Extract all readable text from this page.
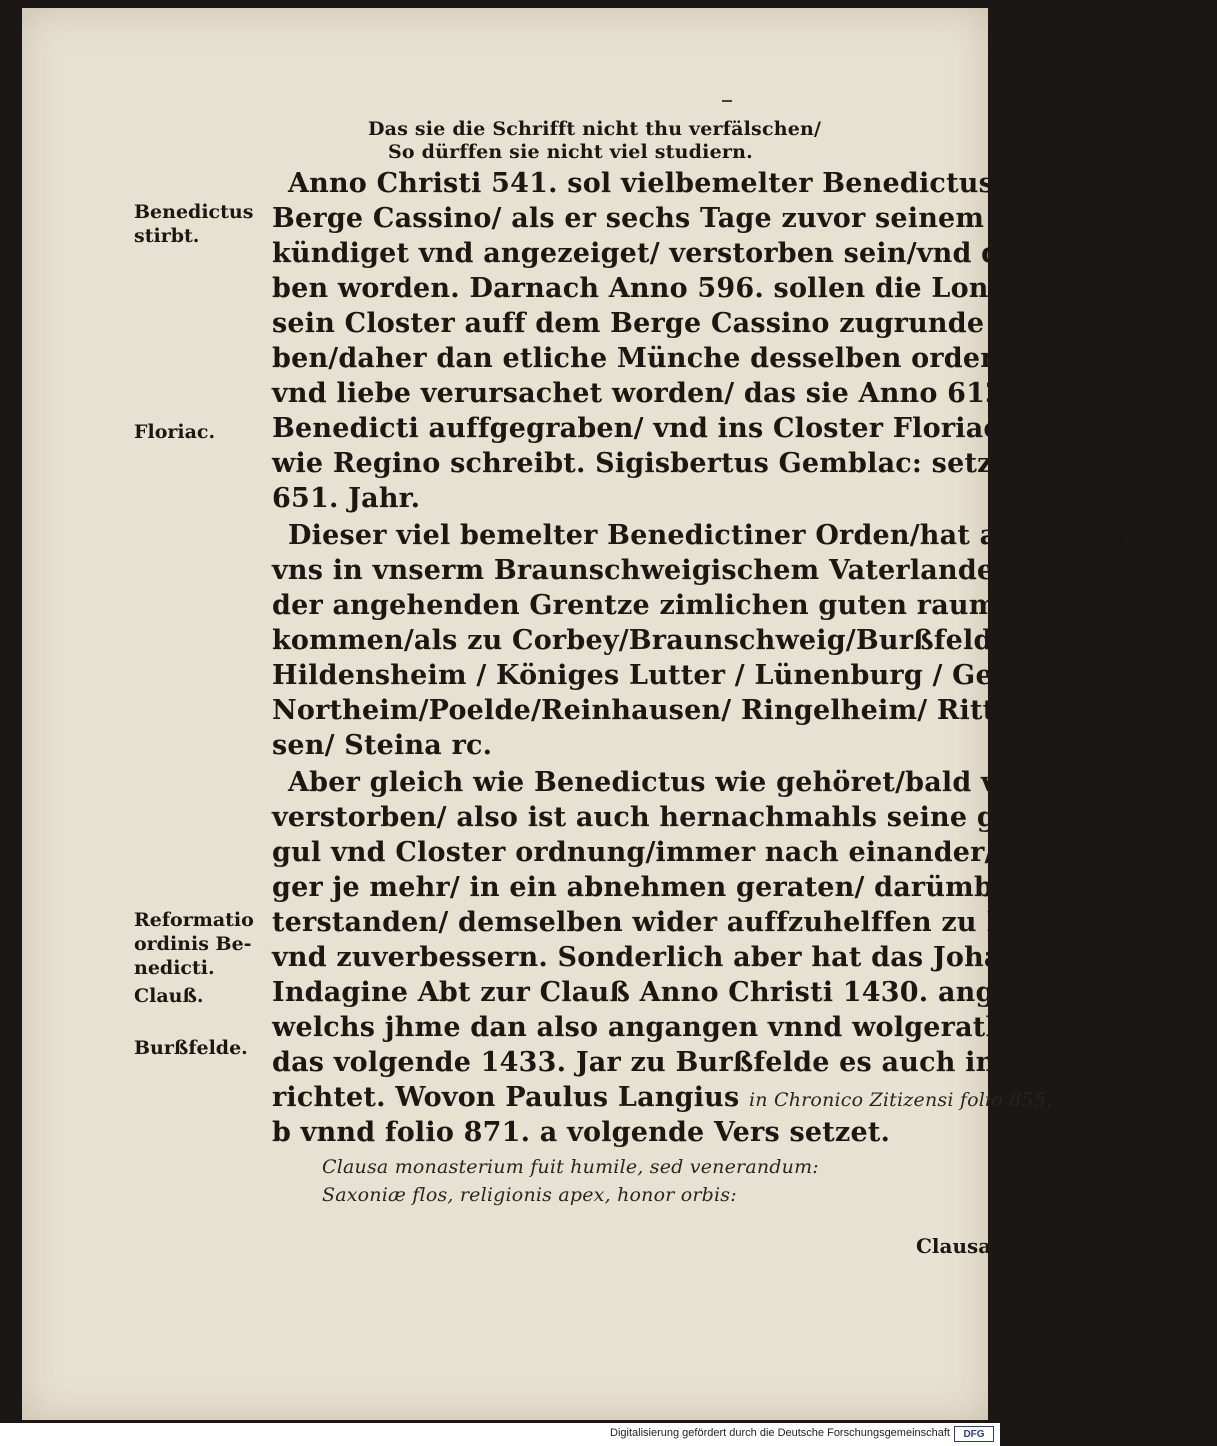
Das sie die Schrifft nicht thu verfälschen/
So dürffen sie nicht viel studiern.
Anno Christi 541. sol vielbemelter Benedictus/auff dem
Berge Cassino/ als er sechs Tage zuvor seinem Todt ver-
kündiget vnd angezeiget/ verstorben sein/vnd daselbst begra-
ben worden. Darnach Anno 596. sollen die Longobarden
sein Closter auff dem Berge Cassino zugrunde zerstöret ha-
ben/daher dan etliche Münche desselben ordens aus andacht
vnd liebe verursachet worden/ das sie Anno 612. das gebein
Benedicti auffgegraben/ vnd ins Closter Floriac gebracht/
wie Regino schreibt. Sigisbertus Gemblac: setzet dieses ins
651. Jahr.
Dieser viel bemelter Benedictiner Orden/hat allhier bey
vns in vnserm Braunschweigischem Vaterlande/vnnd an
der angehenden Grentze zimlichen guten raum vnd platz be-
kommen/als zu Corbey/Braunschweig/Burßfelda/Clauß/
Hildensheim / Königes Lutter / Lünenburg / Gerenrode/
Northeim/Poelde/Reinhausen/ Ringelheim/ Ritterßhau-
sen/ Steina rc.
Aber gleich wie Benedictus wie gehöret/bald vnd zeitlich
verstorben/ also ist auch hernachmahls seine gemachete Re-
gul vnd Closter ordnung/immer nach einander/vnnd je len-
ger je mehr/ in ein abnehmen geraten/ darümb sich viel vn-
terstanden/ demselben wider auffzuhelffen zu Reformieren
vnd zuverbessern. Sonderlich aber hat das Johannes de
Indagine Abt zur Clauß Anno Christi 1430. angefangen/
welchs jhme dan also angangen vnnd wolgerathen/ das er
das volgende 1433. Jar zu Burßfelde es auch ins werck ge-
richtet. Wovon Paulus Langius in Chronico Zitizensi folio 855.
b vnnd folio 871. a volgende Vers setzet.
Clausa monasterium fuit humile, sed venerandum:
Saxoniæ flos, religionis apex, honor orbis:
Clausa
Benedictus
stirbt.
Floriac.
Reformatio
ordinis Be-
nedicti.
Clauß.
Burßfelde.
Digitalisierung gefördert durch die Deutsche Forschungsgemeinschaft	DFG
